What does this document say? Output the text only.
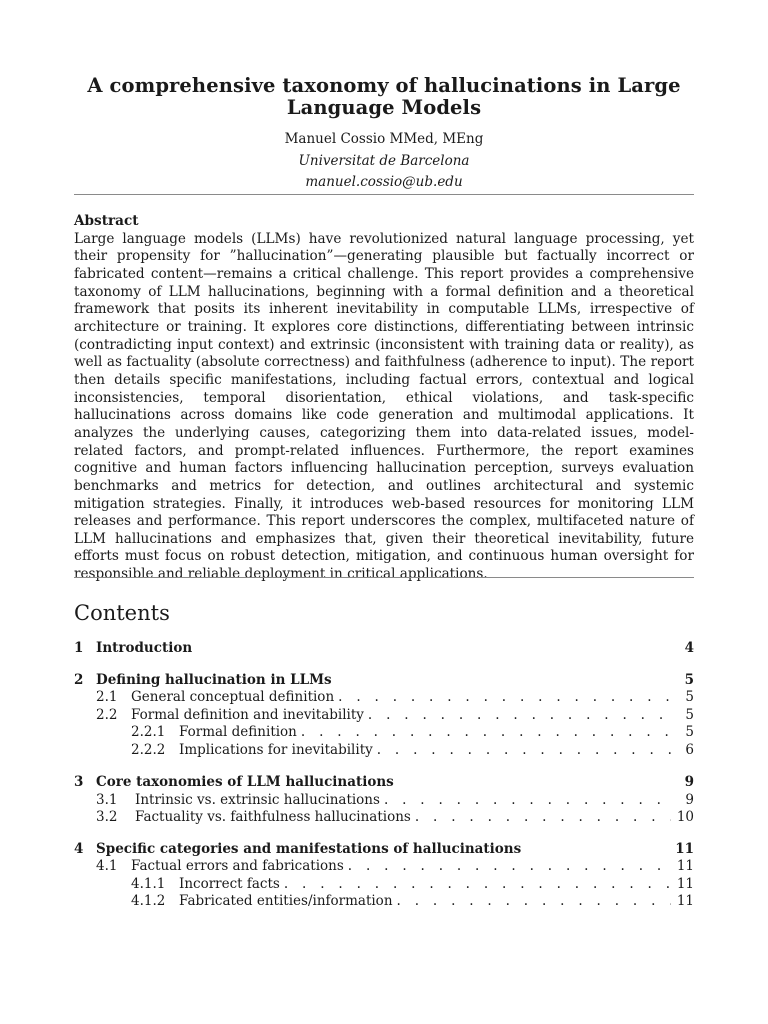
A comprehensive taxonomy of hallucinations in Large Language Models
Manuel Cossio MMed, MEng
Universitat de Barcelona
manuel.cossio@ub.edu
Abstract
Large language models (LLMs) have revolutionized natural language processing, yet their propensity for ”hallucination”—generating plausible but factually incorrect or fabricated content—remains a critical challenge. This report provides a comprehensive taxonomy of LLM hallucinations, beginning with a formal definition and a theoretical framework that posits its inherent inevitability in computable LLMs, irrespective of architecture or training. It explores core distinctions, differentiating between intrinsic (contradicting input context) and extrinsic (inconsistent with training data or reality), as well as factuality (absolute correctness) and faithfulness (adherence to input). The report then details specific manifestations, including factual errors, contextual and logical inconsistencies, temporal disorientation, ethical violations, and task-specific hallucinations across domains like code generation and multimodal applications. It analyzes the underlying causes, categorizing them into data-related issues, model-related factors, and prompt-related influences. Furthermore, the report examines cognitive and human factors influencing hallucination perception, surveys evaluation benchmarks and metrics for detection, and outlines architectural and systemic mitigation strategies. Finally, it introduces web-based resources for monitoring LLM releases and performance. This report underscores the complex, multifaceted nature of LLM hallucinations and emphasizes that, given their theoretical inevitability, future efforts must focus on robust detection, mitigation, and continuous human oversight for responsible and reliable deployment in critical applications.
Contents
1 Introduction	4
2 Defining hallucination in LLMs	5
2.1	General conceptual definition . . .	5
2.2	Formal definition and inevitability . . .	5
2.2.1	Formal definition . . .	5
2.2.2	Implications for inevitability . . .	6
3 Core taxonomies of LLM hallucinations	9
3.1	Intrinsic vs. extrinsic hallucinations . . .	9
3.2	Factuality vs. faithfulness hallucinations . . .	10
4 Specific categories and manifestations of hallucinations	11
4.1	Factual errors and fabrications . . .	11
4.1.1	Incorrect facts . . .	11
4.1.2	Fabricated entities/information . . .	11
